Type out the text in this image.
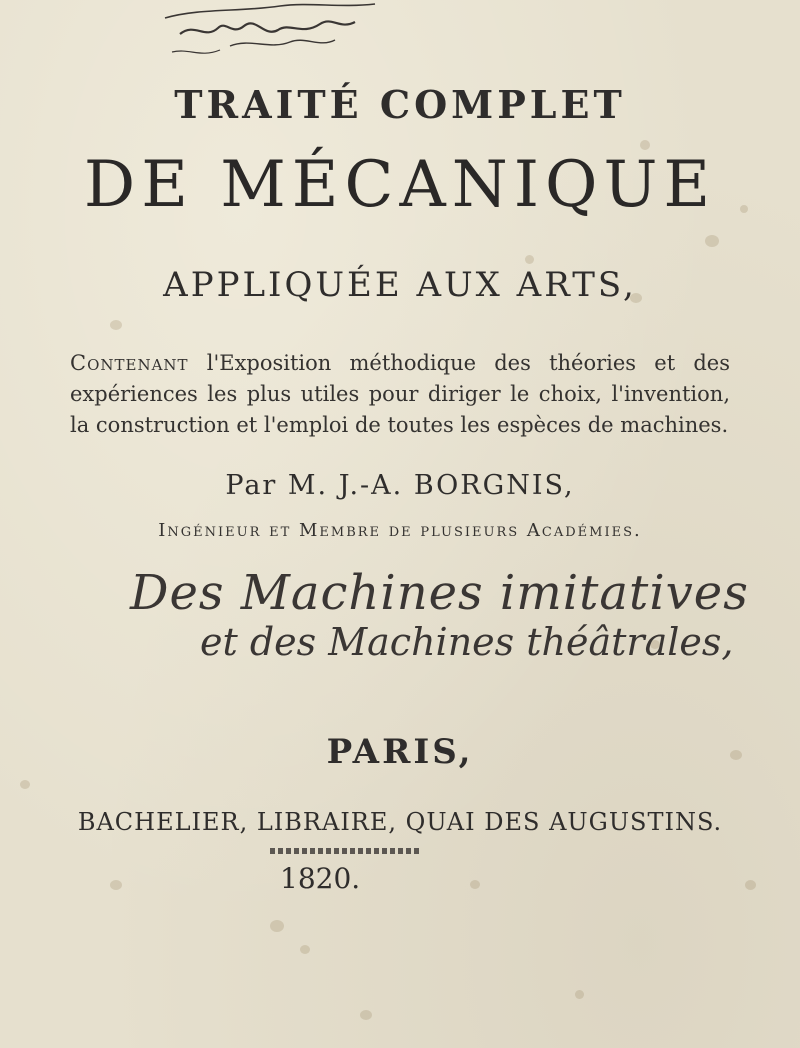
TRAITÉ COMPLET
DE MÉCANIQUE
APPLIQUÉE AUX ARTS,
Contenant l'Exposition méthodique des théories et des expériences les plus utiles pour diriger le choix, l'invention, la construction et l'emploi de toutes les espèces de machines.
Par M. J.-A. BORGNIS,
Ingénieur et Membre de plusieurs Académies.
Des Machines imitatives
et des Machines théâtrales,
PARIS,
BACHELIER, LIBRAIRE, QUAI DES AUGUSTINS.
1820.
